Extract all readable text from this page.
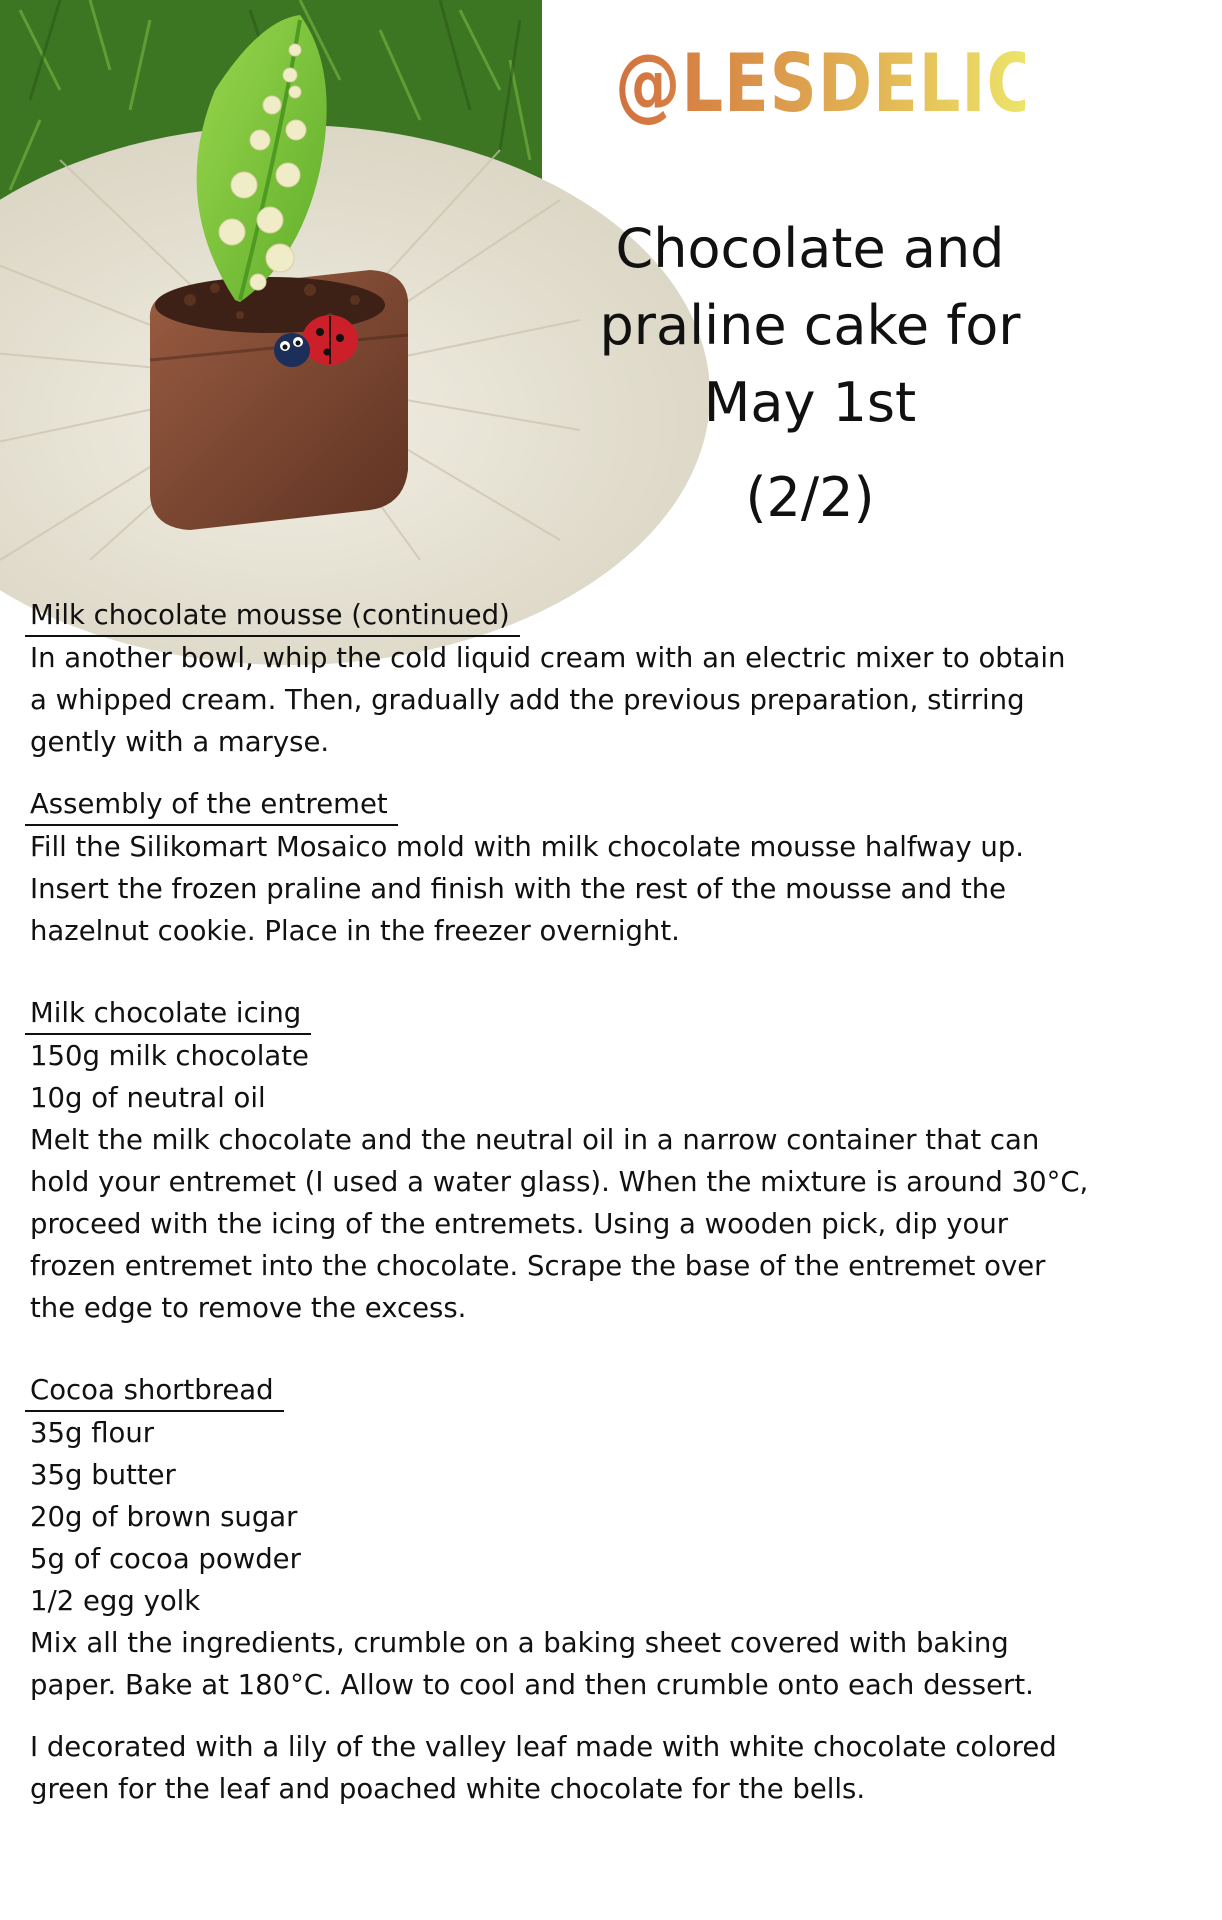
@LESDELICES31
Chocolate and
praline cake for
May 1st
(2/2)
Milk chocolate mousse (continued)
In another bowl, whip the cold liquid cream with an electric mixer to obtain
a whipped cream. Then, gradually add the previous preparation, stirring
gently with a maryse.
Assembly of the entremet
Fill the Silikomart Mosaico mold with milk chocolate mousse halfway up.
Insert the frozen praline and finish with the rest of the mousse and the
hazelnut cookie. Place in the freezer overnight.
Milk chocolate icing
150g milk chocolate
10g of neutral oil
Melt the milk chocolate and the neutral oil in a narrow container that can
hold your entremet (I used a water glass). When the mixture is around 30°C,
proceed with the icing of the entremets. Using a wooden pick, dip your
frozen entremet into the chocolate. Scrape the base of the entremet over
the edge to remove the excess.
Cocoa shortbread
35g flour
35g butter
20g of brown sugar
5g of cocoa powder
1/2 egg yolk
Mix all the ingredients, crumble on a baking sheet covered with baking
paper. Bake at 180°C. Allow to cool and then crumble onto each dessert.
I decorated with a lily of the valley leaf made with white chocolate colored
green for the leaf and poached white chocolate for the bells.
